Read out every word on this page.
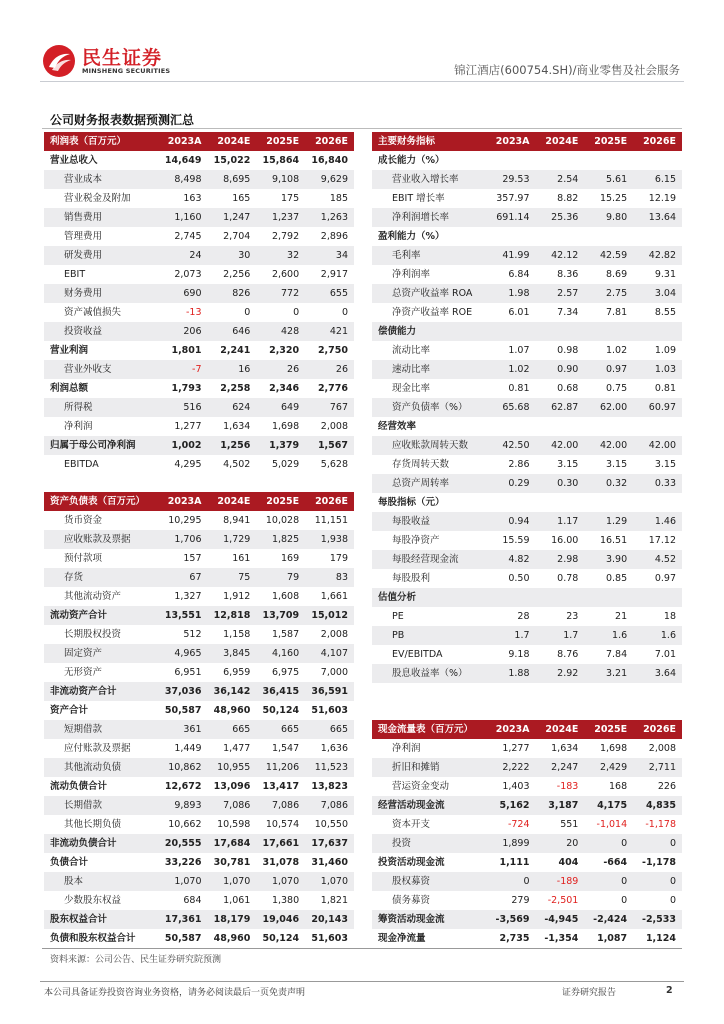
民生证券
MINSHENG SECURITIES	锦江酒店(600754.SH)/商业零售及社会服务
公司财务报表数据预测汇总
利润表（百万元）	2023A	2024E	2025E	2026E
营业总收入	14,649	15,022	15,864	16,840
营业成本	8,498	8,695	9,108	9,629
营业税金及附加	163	165	175	185
销售费用	1,160	1,247	1,237	1,263
管理费用	2,745	2,704	2,792	2,896
研发费用	24	30	32	34
EBIT	2,073	2,256	2,600	2,917
财务费用	690	826	772	655
资产减值损失	-13	0	0	0
投资收益	206	646	428	421
营业利润	1,801	2,241	2,320	2,750
营业外收支	-7	16	26	26
利润总额	1,793	2,258	2,346	2,776
所得税	516	624	649	767
净利润	1,277	1,634	1,698	2,008
归属于母公司净利润	1,002	1,256	1,379	1,567
EBITDA	4,295	4,502	5,029	5,628
资产负债表（百万元）	2023A	2024E	2025E	2026E
货币资金	10,295	8,941	10,028	11,151
应收账款及票据	1,706	1,729	1,825	1,938
预付款项	157	161	169	179
存货	67	75	79	83
其他流动资产	1,327	1,912	1,608	1,661
流动资产合计	13,551	12,818	13,709	15,012
长期股权投资	512	1,158	1,587	2,008
固定资产	4,965	3,845	4,160	4,107
无形资产	6,951	6,959	6,975	7,000
非流动资产合计	37,036	36,142	36,415	36,591
资产合计	50,587	48,960	50,124	51,603
短期借款	361	665	665	665
应付账款及票据	1,449	1,477	1,547	1,636
其他流动负债	10,862	10,955	11,206	11,523
流动负债合计	12,672	13,096	13,417	13,823
长期借款	9,893	7,086	7,086	7,086
其他长期负债	10,662	10,598	10,574	10,550
非流动负债合计	20,555	17,684	17,661	17,637
负债合计	33,226	30,781	31,078	31,460
股本	1,070	1,070	1,070	1,070
少数股东权益	684	1,061	1,380	1,821
股东权益合计	17,361	18,179	19,046	20,143
负债和股东权益合计	50,587	48,960	50,124	51,603
主要财务指标	2023A	2024E	2025E	2026E
成长能力（%）				
营业收入增长率	29.53	2.54	5.61	6.15
EBIT 增长率	357.97	8.82	15.25	12.19
净利润增长率	691.14	25.36	9.80	13.64
盈利能力（%）				
毛利率	41.99	42.12	42.59	42.82
净利润率	6.84	8.36	8.69	9.31
总资产收益率 ROA	1.98	2.57	2.75	3.04
净资产收益率 ROE	6.01	7.34	7.81	8.55
偿债能力				
流动比率	1.07	0.98	1.02	1.09
速动比率	1.02	0.90	0.97	1.03
现金比率	0.81	0.68	0.75	0.81
资产负债率（%）	65.68	62.87	62.00	60.97
经营效率				
应收账款周转天数	42.50	42.00	42.00	42.00
存货周转天数	2.86	3.15	3.15	3.15
总资产周转率	0.29	0.30	0.32	0.33
每股指标（元）				
每股收益	0.94	1.17	1.29	1.46
每股净资产	15.59	16.00	16.51	17.12
每股经营现金流	4.82	2.98	3.90	4.52
每股股利	0.50	0.78	0.85	0.97
估值分析				
PE	28	23	21	18
PB	1.7	1.7	1.6	1.6
EV/EBITDA	9.18	8.76	7.84	7.01
股息收益率（%）	1.88	2.92	3.21	3.64
现金流量表（百万元）	2023A	2024E	2025E	2026E
净利润	1,277	1,634	1,698	2,008
折旧和摊销	2,222	2,247	2,429	2,711
营运资金变动	1,403	-183	168	226
经营活动现金流	5,162	3,187	4,175	4,835
资本开支	-724	551	-1,014	-1,178
投资	1,899	20	0	0
投资活动现金流	1,111	404	-664	-1,178
股权募资	0	-189	0	0
债务募资	279	-2,501	0	0
筹资活动现金流	-3,569	-4,945	-2,424	-2,533
现金净流量	2,735	-1,354	1,087	1,124
资料来源：公司公告、民生证券研究院预测
本公司具备证券投资咨询业务资格，请务必阅读最后一页免责声明	证券研究报告	2
